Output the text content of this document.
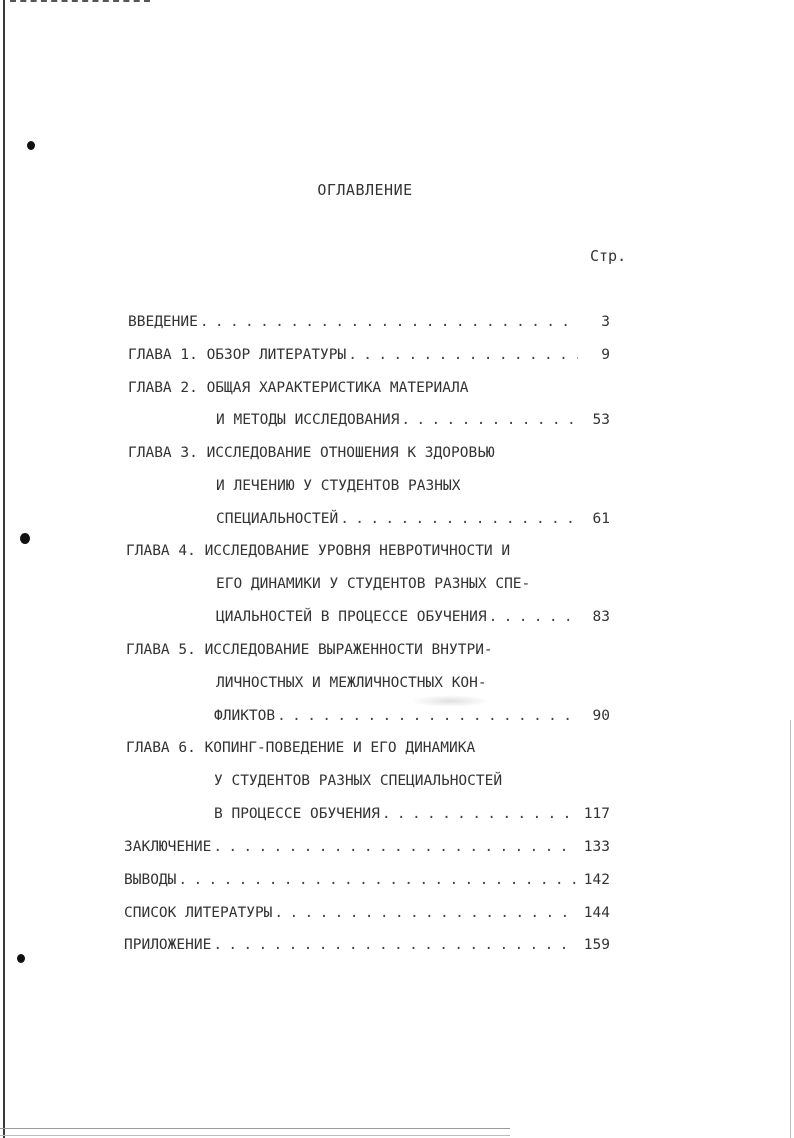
ОГЛАВЛЕНИЕ
Стр.
ВВЕДЕНИЕ . . .	3
ГЛАВА 1. ОБЗОР ЛИТЕРАТУРЫ . . .	9
ГЛАВА 2. ОБЩАЯ ХАРАКТЕРИСТИКА МАТЕРИАЛА
И МЕТОДЫ ИССЛЕДОВАНИЯ . . .	53
ГЛАВА 3. ИССЛЕДОВАНИЕ ОТНОШЕНИЯ К ЗДОРОВЬЮ
И ЛЕЧЕНИЮ У СТУДЕНТОВ РАЗНЫХ
СПЕЦИАЛЬНОСТЕЙ . . .	61
ГЛАВА 4. ИССЛЕДОВАНИЕ УРОВНЯ НЕВРОТИЧНОСТИ И
ЕГО ДИНАМИКИ У СТУДЕНТОВ РАЗНЫХ СПЕ-
ЦИАЛЬНОСТЕЙ В ПРОЦЕССЕ ОБУЧЕНИЯ . . .	83
ГЛАВА 5. ИССЛЕДОВАНИЕ ВЫРАЖЕННОСТИ ВНУТРИ-
ЛИЧНОСТНЫХ И МЕЖЛИЧНОСТНЫХ КОН-
ФЛИКТОВ . . .	90
ГЛАВА 6. КОПИНГ-ПОВЕДЕНИЕ И ЕГО ДИНАМИКА
У СТУДЕНТОВ РАЗНЫХ СПЕЦИАЛЬНОСТЕЙ
В ПРОЦЕССЕ ОБУЧЕНИЯ . . .	117
ЗАКЛЮЧЕНИЕ . . .	133
ВЫВОДЫ . . .	142
СПИСОК ЛИТЕРАТУРЫ . . .	144
ПРИЛОЖЕНИЕ . . .	159
